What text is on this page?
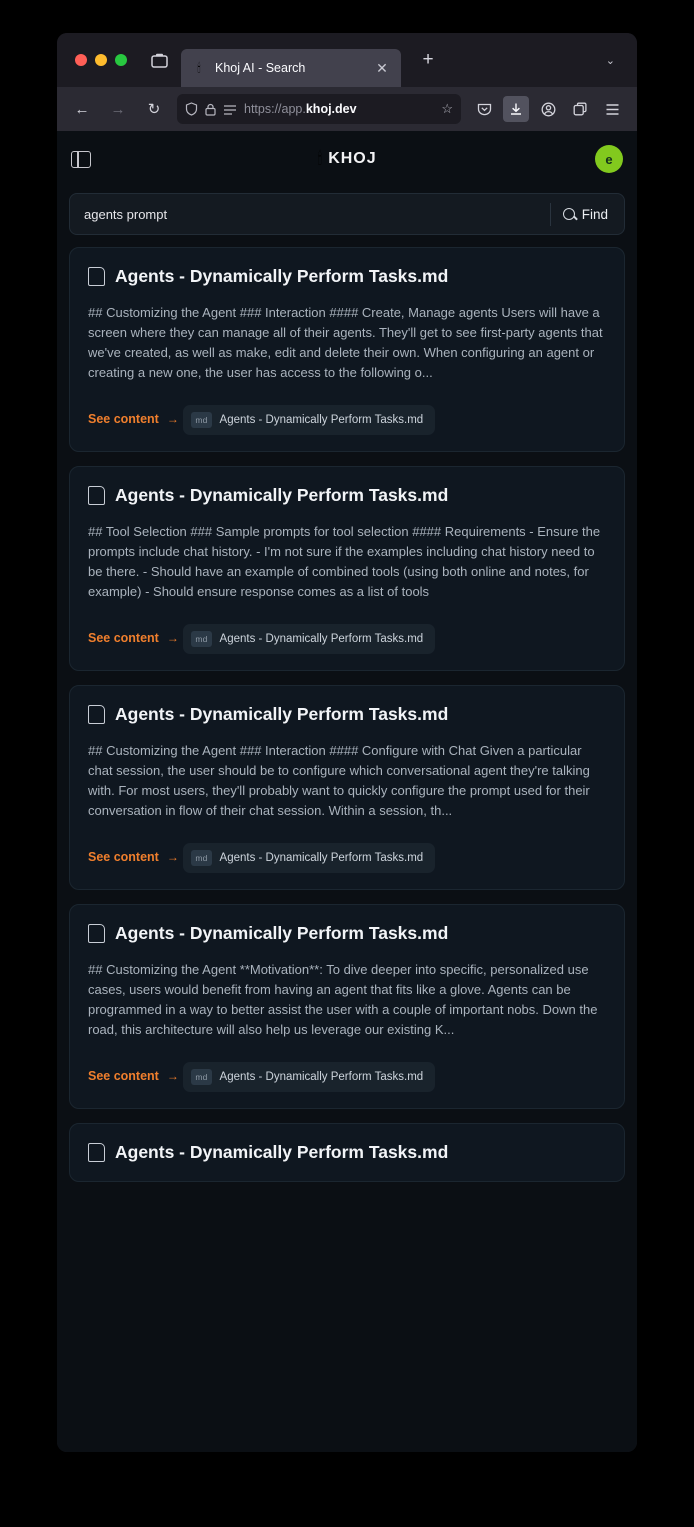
🕯	Khoj AI - Search	✕	+	⌄
←	→	↻	https://app.khoj.dev	☆
🕯 KHOJ	e
agents prompt	Find
Agents - Dynamically Perform Tasks.md
## Customizing the Agent ### Interaction #### Create, Manage agents Users will have a screen where they can manage all of their agents. They'll get to see first-party agents that we've created, as well as make, edit and delete their own. When configuring an agent or creating a new one, the user has access to the following o...
See content →
	md	Agents - Dynamically Perform Tasks.md
Agents - Dynamically Perform Tasks.md
## Tool Selection ### Sample prompts for tool selection #### Requirements - Ensure the prompts include chat history. - I'm not sure if the examples including chat history need to be there. - Should have an example of combined tools (using both online and notes, for example) - Should ensure response comes as a list of tools
See content →
	md	Agents - Dynamically Perform Tasks.md
Agents - Dynamically Perform Tasks.md
## Customizing the Agent ### Interaction #### Configure with Chat Given a particular chat session, the user should be to configure which conversational agent they're talking with. For most users, they'll probably want to quickly configure the prompt used for their conversation in flow of their chat session. Within a session, th...
See content →
	md	Agents - Dynamically Perform Tasks.md
Agents - Dynamically Perform Tasks.md
## Customizing the Agent **Motivation**: To dive deeper into specific, personalized use cases, users would benefit from having an agent that fits like a glove. Agents can be programmed in a way to better assist the user with a couple of important nobs. Down the road, this architecture will also help us leverage our existing K...
See content →
	md	Agents - Dynamically Perform Tasks.md
Agents - Dynamically Perform Tasks.md
